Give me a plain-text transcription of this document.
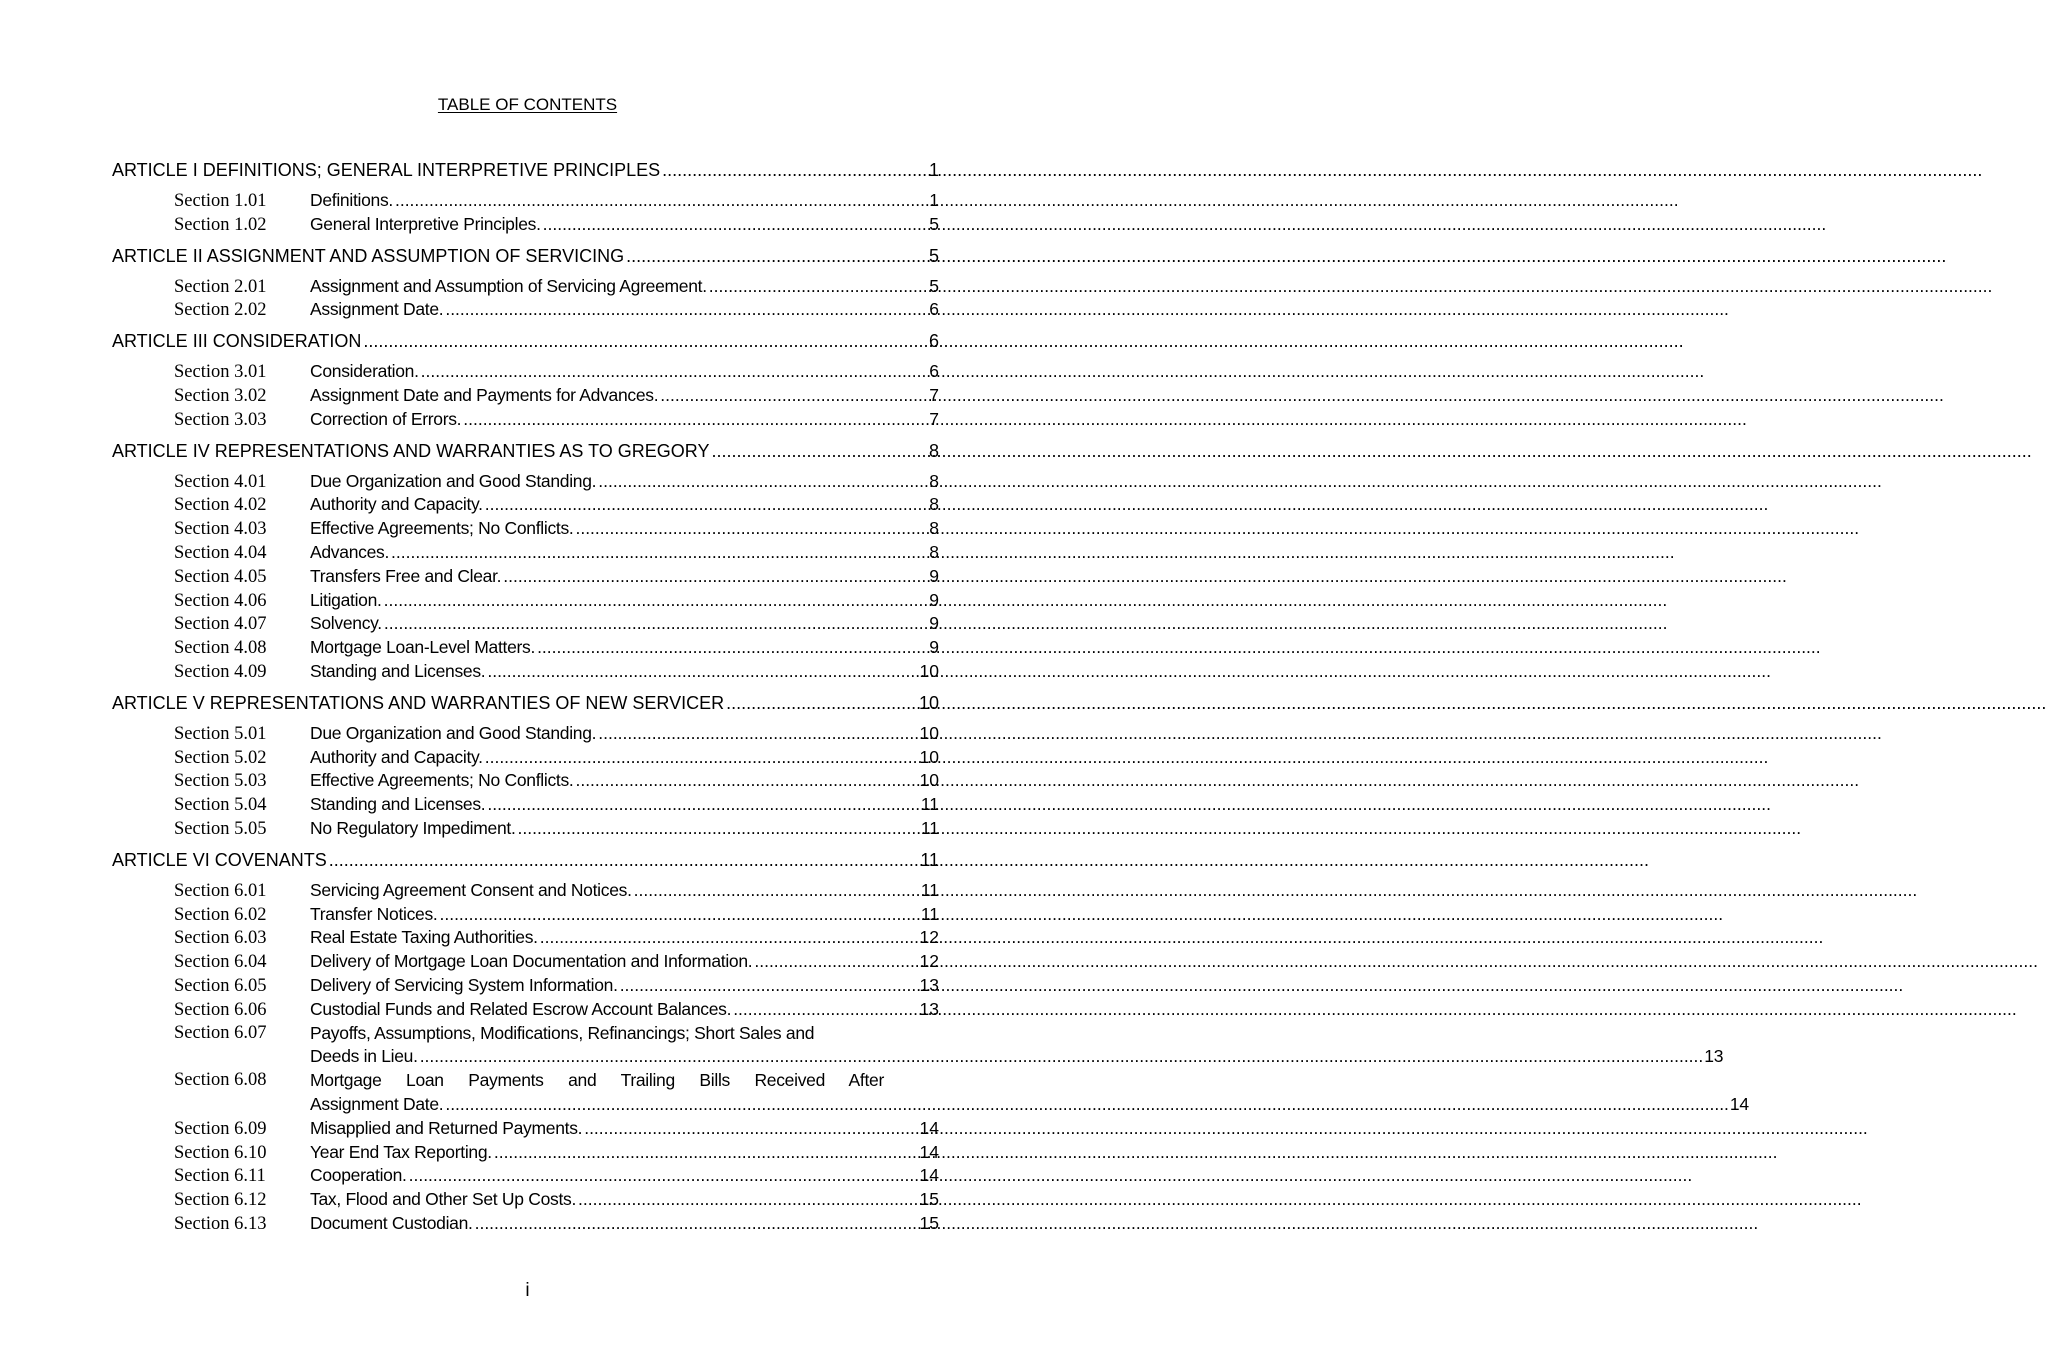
TABLE OF CONTENTS
ARTICLE I DEFINITIONS; GENERAL INTERPRETIVE PRINCIPLES .....	1
Section 1.01	Definitions. .....	1
Section 1.02	General Interpretive Principles. .....	5
ARTICLE II ASSIGNMENT AND ASSUMPTION OF SERVICING .....	5
Section 2.01	Assignment and Assumption of Servicing Agreement. .....	5
Section 2.02	Assignment Date. .....	6
ARTICLE III CONSIDERATION .....	6
Section 3.01	Consideration. .....	6
Section 3.02	Assignment Date and Payments for Advances. .....	7
Section 3.03	Correction of Errors. .....	7
ARTICLE IV REPRESENTATIONS AND WARRANTIES AS TO GREGORY .....	8
Section 4.01	Due Organization and Good Standing. .....	8
Section 4.02	Authority and Capacity. .....	8
Section 4.03	Effective Agreements; No Conflicts. .....	8
Section 4.04	Advances. .....	8
Section 4.05	Transfers Free and Clear. .....	9
Section 4.06	Litigation. .....	9
Section 4.07	Solvency. .....	9
Section 4.08	Mortgage Loan-Level Matters. .....	9
Section 4.09	Standing and Licenses. .....	10
ARTICLE V REPRESENTATIONS AND WARRANTIES OF NEW SERVICER .....	10
Section 5.01	Due Organization and Good Standing. .....	10
Section 5.02	Authority and Capacity. .....	10
Section 5.03	Effective Agreements; No Conflicts. .....	10
Section 5.04	Standing and Licenses. .....	11
Section 5.05	No Regulatory Impediment. .....	11
ARTICLE VI COVENANTS .....	11
Section 6.01	Servicing Agreement Consent and Notices. .....	11
Section 6.02	Transfer Notices. .....	11
Section 6.03	Real Estate Taxing Authorities. .....	12
Section 6.04	Delivery of Mortgage Loan Documentation and Information. .....	12
Section 6.05	Delivery of Servicing System Information. .....	13
Section 6.06	Custodial Funds and Related Escrow Account Balances. .....	13
Section 6.07	Payoffs, Assumptions, Modifications, Refinancings; Short Sales and
Deeds in Lieu. .....	13
Section 6.08	Mortgage Loan Payments and Trailing Bills Received After
Assignment Date. .....	14
Section 6.09	Misapplied and Returned Payments. .....	14
Section 6.10	Year End Tax Reporting. .....	14
Section 6.11	Cooperation. .....	14
Section 6.12	Tax, Flood and Other Set Up Costs. .....	15
Section 6.13	Document Custodian. .....	15
i
